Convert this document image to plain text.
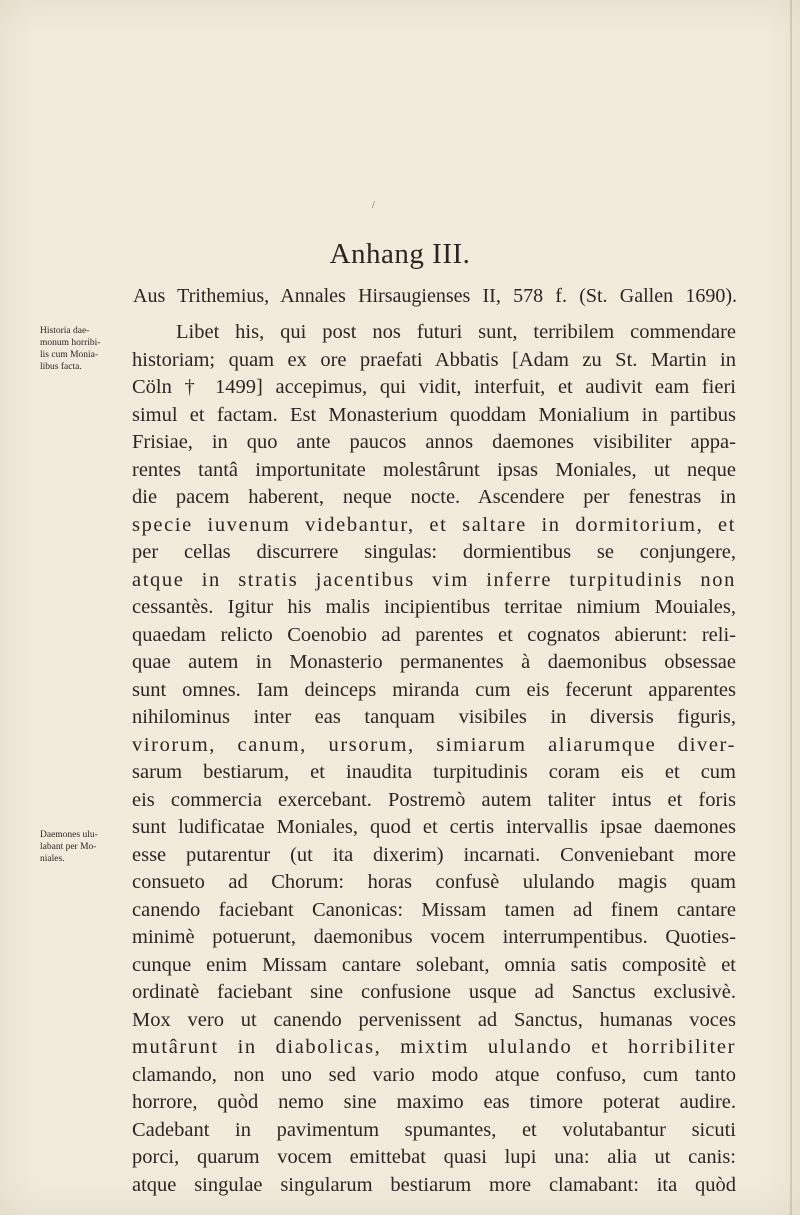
/
Anhang III.

Aus Trithemius, Annales Hirsaugienses II, 578 f. (St. Gallen 1690).

Historia dae-
monum horribi-
lis cum Monia-
libus facta.
Daemones ulu-
labant per Mo-
niales.
Libet his, qui post nos futuri sunt, terribilem commendare
historiam; quam ex ore praefati Abbatis [Adam zu St. Martin in
Cöln † 1499] accepimus, qui vidit, interfuit, et audivit eam fieri
simul et factam. Est Monasterium quoddam Monialium in partibus
Frisiae, in quo ante paucos annos daemones visibiliter appa-
rentes tantâ importunitate molestârunt ipsas Moniales, ut neque
die pacem haberent, neque nocte. Ascendere per fenestras in
specie iuvenum videbantur, et saltare in dormitorium, et
per cellas discurrere singulas: dormientibus se conjungere,
atque in stratis jacentibus vim inferre turpitudinis non
cessantès. Igitur his malis incipientibus territae nimium Mouiales,
quaedam relicto Coenobio ad parentes et cognatos abierunt: reli-
quae autem in Monasterio permanentes à daemonibus obsessae
sunt omnes. Iam deinceps miranda cum eis fecerunt apparentes
nihilominus inter eas tanquam visibiles in diversis figuris,
virorum, canum, ursorum, simiarum aliarumque diver-
sarum bestiarum, et inaudita turpitudinis coram eis et cum
eis commercia exercebant. Postremò autem taliter intus et foris
sunt ludificatae Moniales, quod et certis intervallis ipsae daemones
esse putarentur (ut ita dixerim) incarnati. Conveniebant more
consueto ad Chorum: horas confusè ululando magis quam
canendo faciebant Canonicas: Missam tamen ad finem cantare
minimè potuerunt, daemonibus vocem interrumpentibus. Quoties-
cunque enim Missam cantare solebant, omnia satis compositè et
ordinatè faciebant sine confusione usque ad Sanctus exclusivè.
Mox vero ut canendo pervenissent ad Sanctus, humanas voces
mutârunt in diabolicas, mixtim ululando et horribiliter
clamando, non uno sed vario modo atque confuso, cum tanto
horrore, quòd nemo sine maximo eas timore poterat audire.
Cadebant in pavimentum spumantes, et volutabantur sicuti
porci, quarum vocem emittebat quasi lupi una: alia ut canis:
atque singulae singularum bestiarum more clamabant: ita quòd
